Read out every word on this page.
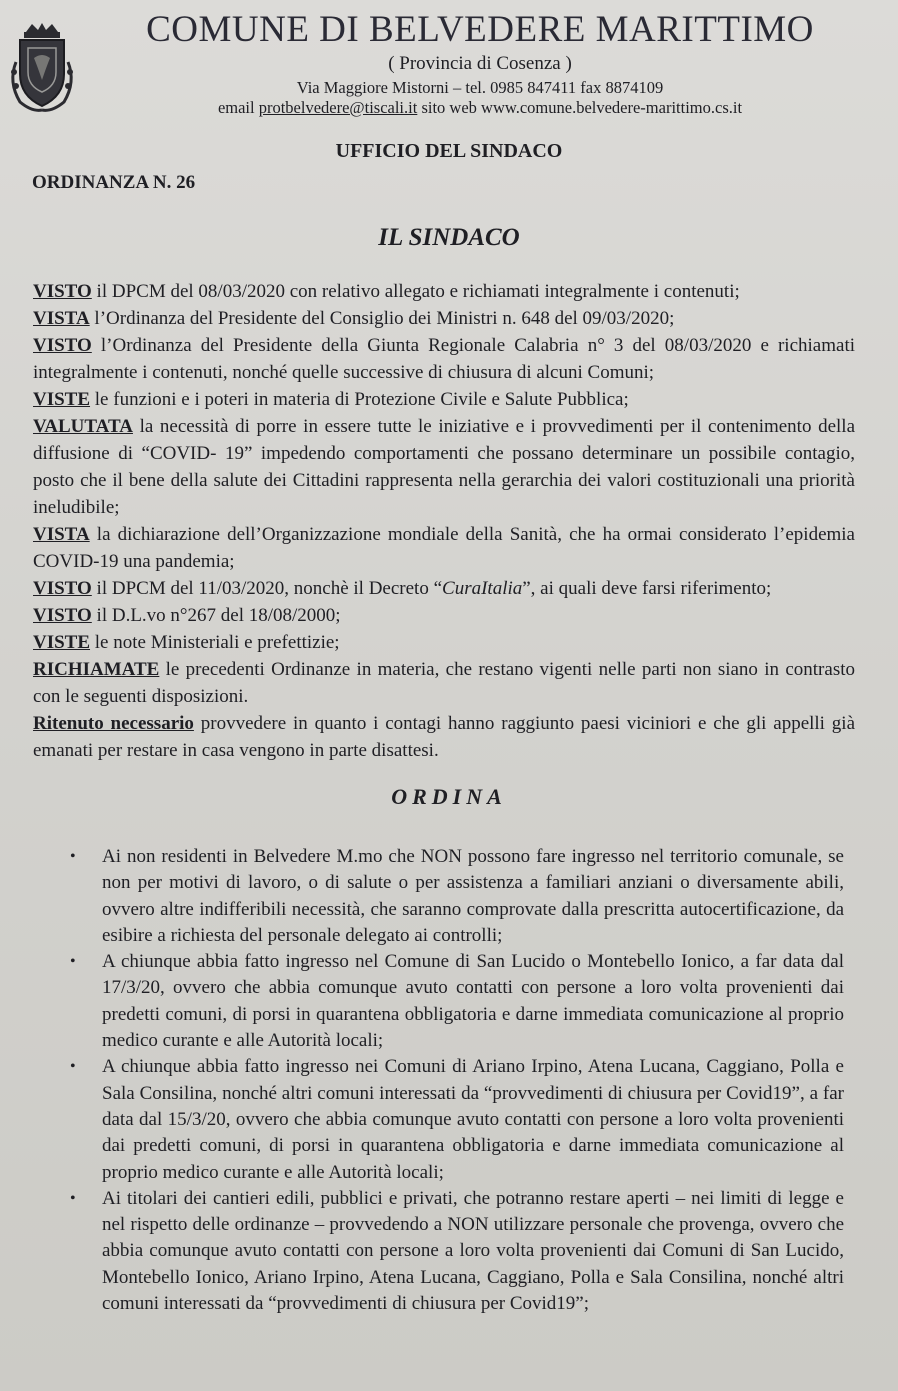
COMUNE DI BELVEDERE MARITTIMO
( Provincia di Cosenza )
Via Maggiore Mistorni – tel. 0985 847411 fax 8874109
email protbelvedere@tiscali.it sito web www.comune.belvedere-marittimo.cs.it
UFFICIO DEL SINDACO
ORDINANZA N. 26
IL SINDACO

VISTO il DPCM del 08/03/2020 con relativo allegato e richiamati integralmente i contenuti;

VISTA l’Ordinanza del Presidente del Consiglio dei Ministri n. 648 del 09/03/2020;

VISTO l’Ordinanza del Presidente della Giunta Regionale Calabria n° 3 del 08/03/2020 e richiamati integralmente i contenuti, nonché quelle successive di chiusura di alcuni Comuni;

VISTE le funzioni e i poteri in materia di Protezione Civile e Salute Pubblica;

VALUTATA la necessità di porre in essere tutte le iniziative e i provvedimenti per il contenimento della diffusione di “COVID- 19” impedendo comportamenti che possano determinare un possibile contagio, posto che il bene della salute dei Cittadini rappresenta nella gerarchia dei valori costituzionali una priorità ineludibile;

VISTA la dichiarazione dell’Organizzazione mondiale della Sanità, che ha ormai considerato l’epidemia COVID-19 una pandemia;

VISTO il DPCM del 11/03/2020, nonchè il Decreto “CuraItalia”, ai quali deve farsi riferimento;

VISTO il D.L.vo n°267 del 18/08/2000;

VISTE le note Ministeriali e prefettizie;

RICHIAMATE le precedenti Ordinanze in materia, che restano vigenti nelle parti non siano in contrasto con le seguenti disposizioni.

Ritenuto necessario provvedere in quanto i contagi hanno raggiunto paesi viciniori e che gli appelli già emanati per restare in casa vengono in parte disattesi.

ORDINA
• Ai non residenti in Belvedere M.mo che NON possono fare ingresso nel territorio comunale, se non per motivi di lavoro, o di salute o per assistenza a familiari anziani o diversamente abili, ovvero altre indifferibili necessità, che saranno comprovate dalla prescritta autocertificazione, da esibire a richiesta del personale delegato ai controlli;
• A chiunque abbia fatto ingresso nel Comune di San Lucido o Montebello Ionico, a far data dal 17/3/20, ovvero che abbia comunque avuto contatti con persone a loro volta provenienti dai predetti comuni, di porsi in quarantena obbligatoria e darne immediata comunicazione al proprio medico curante e alle Autorità locali;
• A chiunque abbia fatto ingresso nei Comuni di Ariano Irpino, Atena Lucana, Caggiano, Polla e Sala Consilina, nonché altri comuni interessati da “provvedimenti di chiusura per Covid19”, a far data dal 15/3/20, ovvero che abbia comunque avuto contatti con persone a loro volta provenienti dai predetti comuni, di porsi in quarantena obbligatoria e darne immediata comunicazione al proprio medico curante e alle Autorità locali;
• Ai titolari dei cantieri edili, pubblici e privati, che potranno restare aperti – nei limiti di legge e nel rispetto delle ordinanze – provvedendo a NON utilizzare personale che provenga, ovvero che abbia comunque avuto contatti con persone a loro volta provenienti dai Comuni di San Lucido, Montebello Ionico, Ariano Irpino, Atena Lucana, Caggiano, Polla e Sala Consilina, nonché altri comuni interessati da “provvedimenti di chiusura per Covid19”;
